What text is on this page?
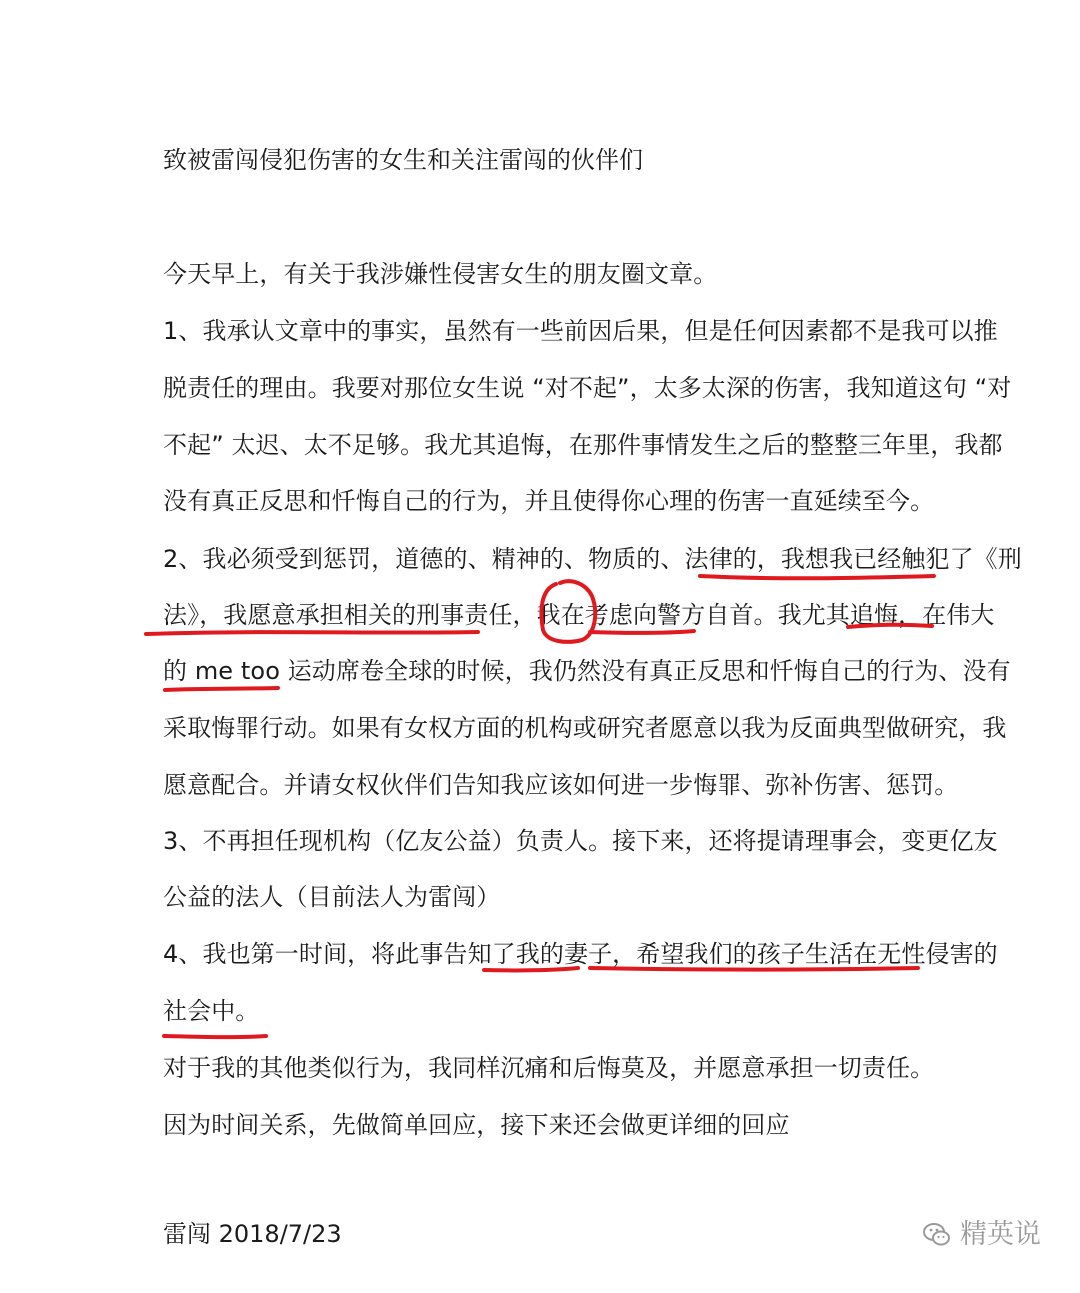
致被雷闯侵犯伤害的女生和关注雷闯的伙伴们
今天早上，有关于我涉嫌性侵害女生的朋友圈文章。
1、我承认文章中的事实，虽然有一些前因后果，但是任何因素都不是我可以推
脱责任的理由。我要对那位女生说 “对不起”，太多太深的伤害，我知道这句 “对
不起” 太迟、太不足够。我尤其追悔，在那件事情发生之后的整整三年里，我都
没有真正反思和忏悔自己的行为，并且使得你心理的伤害一直延续至今。
2、我必须受到惩罚，道德的、精神的、物质的、法律的，我想我已经触犯了《刑
法》，我愿意承担相关的刑事责任，我在考虑向警方自首。我尤其追悔，在伟大
的 me too 运动席卷全球的时候，我仍然没有真正反思和忏悔自己的行为、没有
采取悔罪行动。如果有女权方面的机构或研究者愿意以我为反面典型做研究，我
愿意配合。并请女权伙伴们告知我应该如何进一步悔罪、弥补伤害、惩罚。
3、不再担任现机构（亿友公益）负责人。接下来，还将提请理事会，变更亿友
公益的法人（目前法人为雷闯）
4、我也第一时间，将此事告知了我的妻子，希望我们的孩子生活在无性侵害的
社会中。
对于我的其他类似行为，我同样沉痛和后悔莫及，并愿意承担一切责任。
因为时间关系，先做简单回应，接下来还会做更详细的回应
雷闯 2018/7/23	精英说
